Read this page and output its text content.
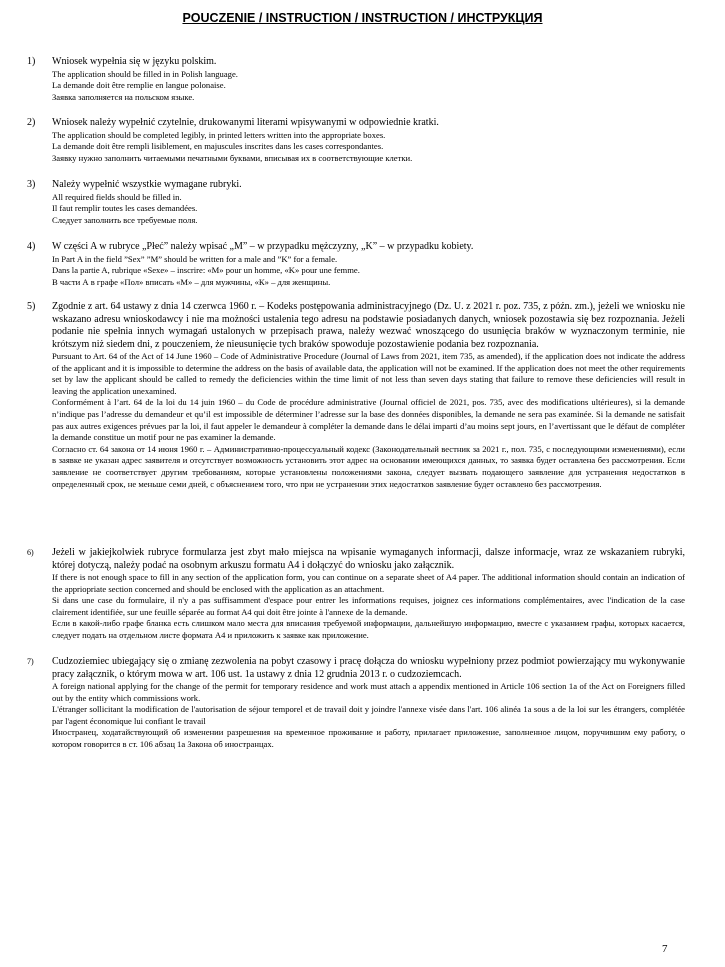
POUCZENIE / INSTRUCTION / INSTRUCTION / ИНСТРУКЦИЯ
1) Wniosek wypełnia się w języku polskim.
The application should be filled in in Polish language.
La demande doit être remplie en langue polonaise.
Заявка заполняется на польском языке.
2) Wniosek należy wypełnić czytelnie, drukowanymi literami wpisywanymi w odpowiednie kratki.
The application should be completed legibly, in printed letters written into the appropriate boxes.
La demande doit être rempli lisiblement, en majuscules inscrites dans les cases correspondantes.
Заявку нужно заполнить читаемыми печатными буквами, вписывая их в соответствующие клетки.
3) Należy wypełnić wszystkie wymagane rubryki.
All required fields should be filled in.
Il faut remplir toutes les cases demandées.
Следует заполнить все требуемые поля.
4) W części A w rubryce „Płeć” należy wpisać „M” – w przypadku mężczyzny, „K” – w przypadku kobiety.
In Part A in the field ”Sex” ”M” should be written for a male and ”K” for a female.
Dans la partie A, rubrique «Sexe» – inscrire: «M» pour un homme, «K» pour une femme.
В части А в графе «Пол» вписать «М» – для мужчины, «К» – для женщины.
5) Zgodnie z art. 64 ustawy z dnia 14 czerwca 1960 r. – Kodeks postępowania administracyjnego (Dz. U. z 2021 r. poz. 735, z późn. zm.), jeżeli we wniosku nie wskazano adresu wnioskodawcy i nie ma możności ustalenia tego adresu na podstawie posiadanych danych, wniosek pozostawia się bez rozpoznania. Jeżeli podanie nie spełnia innych wymagań ustalonych w przepisach prawa, należy wezwać wnoszącego do usunięcia braków w wyznaczonym terminie, nie krótszym niż siedem dni, z pouczeniem, że nieusunięcie tych braków spowoduje pozostawienie podania bez rozpoznania.
Pursuant to Art. 64 of the Act of 14 June 1960 – Code of Administrative Procedure (Journal of Laws from 2021, item 735, as amended), if the application does not indicate the address of the applicant and it is impossible to determine the address on the basis of available data, the application will not be examined. If the application does not meet the other requirements set by law the applicant should be called to remedy the deficiencies within the time limit of not less than seven days stating that failure to remove these deficiencies will result in leaving the application unexamined.
Conformément à l’art. 64 de la loi du 14 juin 1960 – du Code de procédure administrative (Journal officiel de 2021, pos. 735, avec des modifications ultérieures), si la demande n’indique pas l’adresse du demandeur et qu’il est impossible de déterminer l’adresse sur la base des données disponibles, la demande ne sera pas examinée. Si la demande ne satisfait pas aux autres exigences prévues par la loi, il faut appeler le demandeur à compléter la demande dans le délai imparti d’au moins sept jours, en l’avertissant que le défaut de compléter la demande constitue un motif pour ne pas examiner la demande.
Согласно ст. 64 закона от 14 июня 1960 г. – Административно-процессуальный кодекс (Законодательный вестник за 2021 г., пол. 735, с последующими изменениями), если в заявке не указан адрес заявителя и отсутствует возможность установить этот адрес на основании имеющихся данных, то заявка будет оставлена без рассмотрения. Если заявление не соответствует другим требованиям, которые установлены положениями закона, следует вызвать подающего заявление для устранения недостатков в определенный срок, не меньше семи дней, с объяснением того, что при не устранении этих недостатков заявление будет оставлено без рассмотрения.
6) Jeżeli w jakiejkolwiek rubryce formularza jest zbyt mało miejsca na wpisanie wymaganych informacji, dalsze informacje, wraz ze wskazaniem rubryki, której dotyczą, należy podać na osobnym arkuszu formatu A4 i dołączyć do wniosku jako załącznik.
If there is not enough space to fill in any section of the application form, you can continue on a separate sheet of A4 paper. The additional information should contain an indication of the appriopriate section concerned and should be enclosed with the application as an attachment.
Si dans une case du formulaire, il n'y a pas suffisamment d'espace pour entrer les informations requises, joignez ces informations complémentaires, avec l'indication de la case clairement identifiée, sur une feuille séparée au format A4 qui doit être jointe à l'annexe de la demande.
Если в какой-либо графе бланка есть слишком мало места для вписания требуемой информации, дальнейшую информацию, вместе с указанием графы, которых касается, следует подать на отдельном листе формата А4 и приложить к заявке как приложение.
7) Cudzoziemiec ubiegający się o zmianę zezwolenia na pobyt czasowy i pracę dołącza do wniosku wypełniony przez podmiot powierzający mu wykonywanie pracy załącznik, o którym mowa w art. 106 ust. 1a ustawy z dnia 12 grudnia 2013 r. o cudzoziemcach.
A foreign national applying for the change of the permit for temporary residence and work must attach a appendix mentioned in Article 106 section 1a of the Act on Foreigners filled out by the entity which commissions work.
L'étranger sollicitant la modification de l'autorisation de séjour temporel et de travail doit y joindre l'annexe visée dans l'art. 106 alinéa 1a sous a de la loi sur les étrangers, complétée par l'agent économique lui confiant le travail
Иностранец, ходатайствующий об изменении разрешения на временное проживание и работу, прилагает приложение, заполненное лицом, поручившим ему работу, о котором говорится в ст. 106 абзац 1а Закона об иностранцах.
7
